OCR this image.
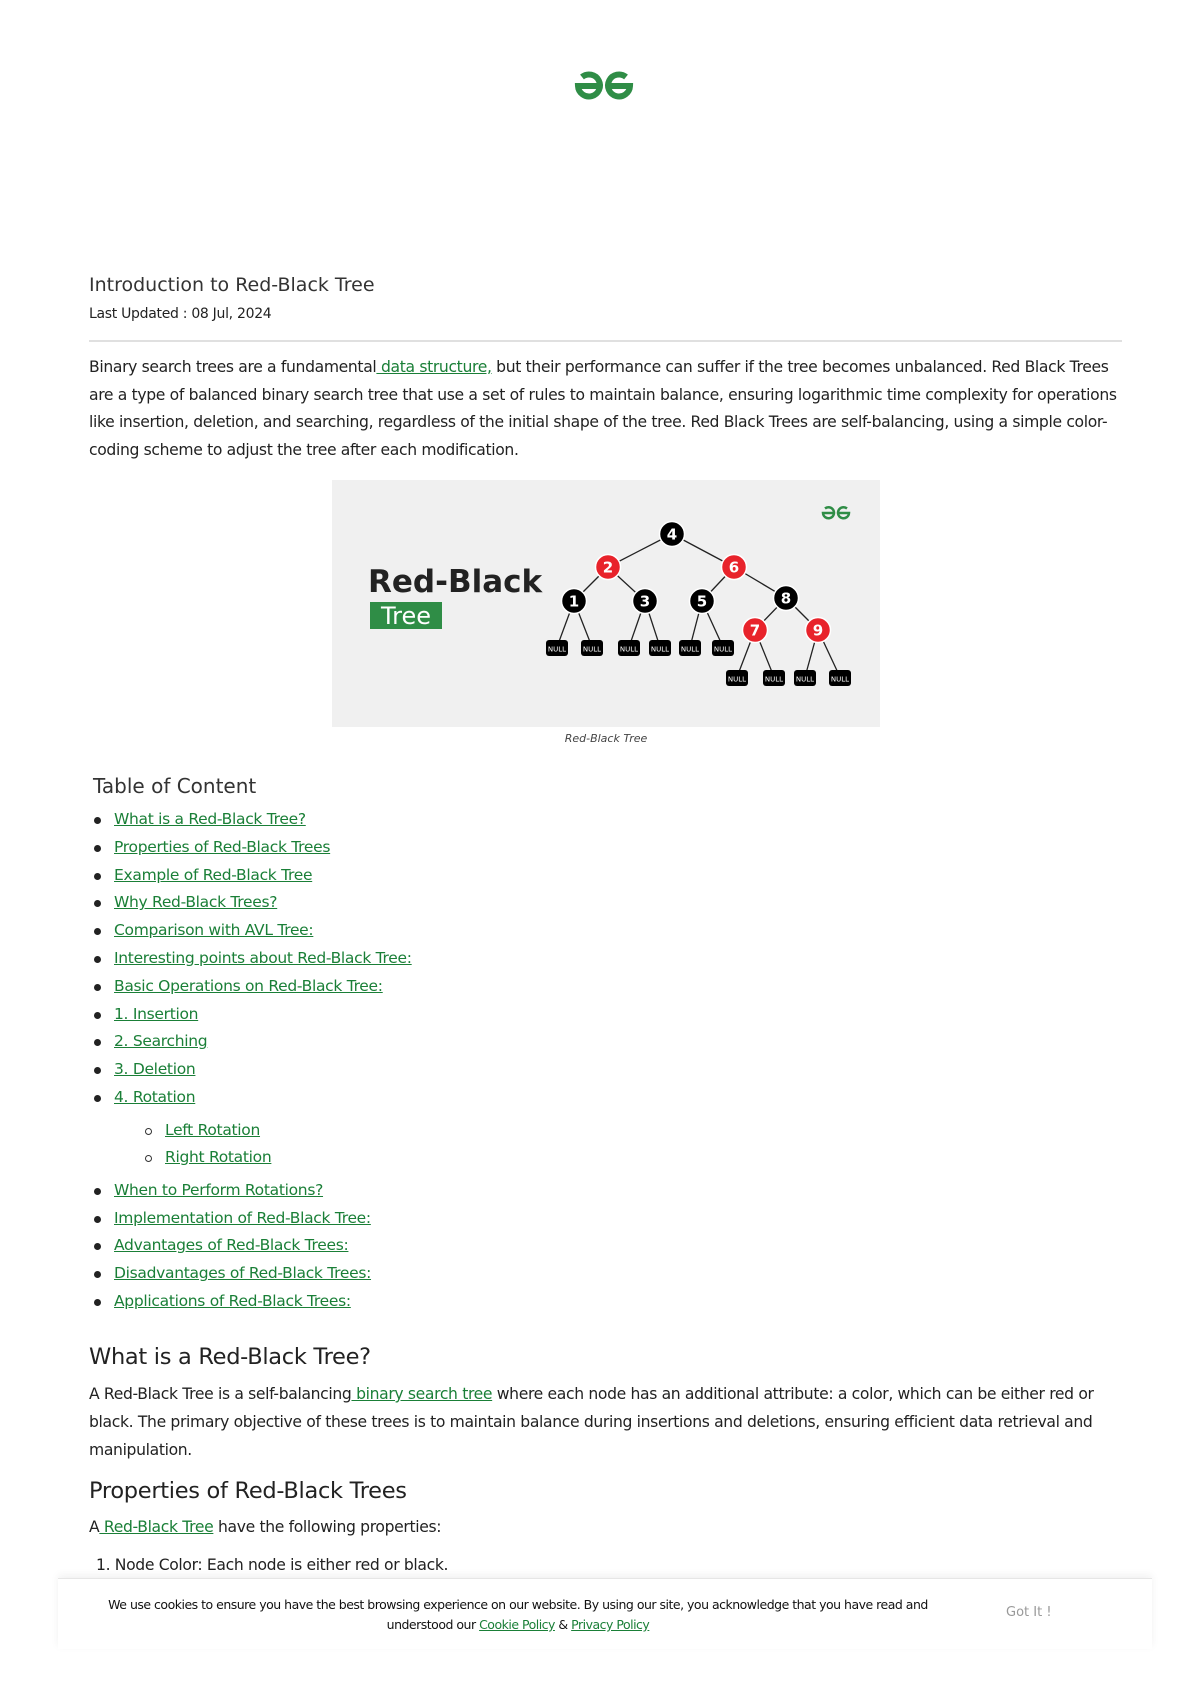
Introduction to Red-Black Tree
Last Updated : 08 Jul, 2024

Binary search trees are a fundamental data structure, but their performance can suffer if the tree becomes unbalanced. Red Black Trees are a type of balanced binary search tree that use a set of rules to maintain balance, ensuring logarithmic time complexity for operations like insertion, deletion, and searching, regardless of the initial shape of the tree. Red Black Trees are self-balancing, using a simple color-coding scheme to adjust the tree after each modification.

Red-Black
Tree
NULL NULL	NULL NULL NULL NULL
NULL	NULL NULL NULL
4
2	6
1	3	5	8
7	9
Red-Black Tree
Table of Content
What is a Red-Black Tree?
Properties of Red-Black Trees
Example of Red-Black Tree
Why Red-Black Trees?
Comparison with AVL Tree:
Interesting points about Red-Black Tree:
Basic Operations on Red-Black Tree:
1. Insertion
2. Searching
3. Deletion
4. Rotation
Left Rotation
Right Rotation
When to Perform Rotations?
Implementation of Red-Black Tree:
Advantages of Red-Black Trees:
Disadvantages of Red-Black Trees:
Applications of Red-Black Trees:
What is a Red-Black Tree?

A Red-Black Tree is a self-balancing binary search tree where each node has an additional attribute: a color, which can be either red or black. The primary objective of these trees is to maintain balance during insertions and deletions, ensuring efficient data retrieval and manipulation.

Properties of Red-Black Trees

A Red-Black Tree have the following properties:

1. Node Color: Each node is either red or black.
We use cookies to ensure you have the best browsing experience on our website. By using our site, you acknowledge that you have read and understood our Cookie Policy & Privacy Policy
Got It !
